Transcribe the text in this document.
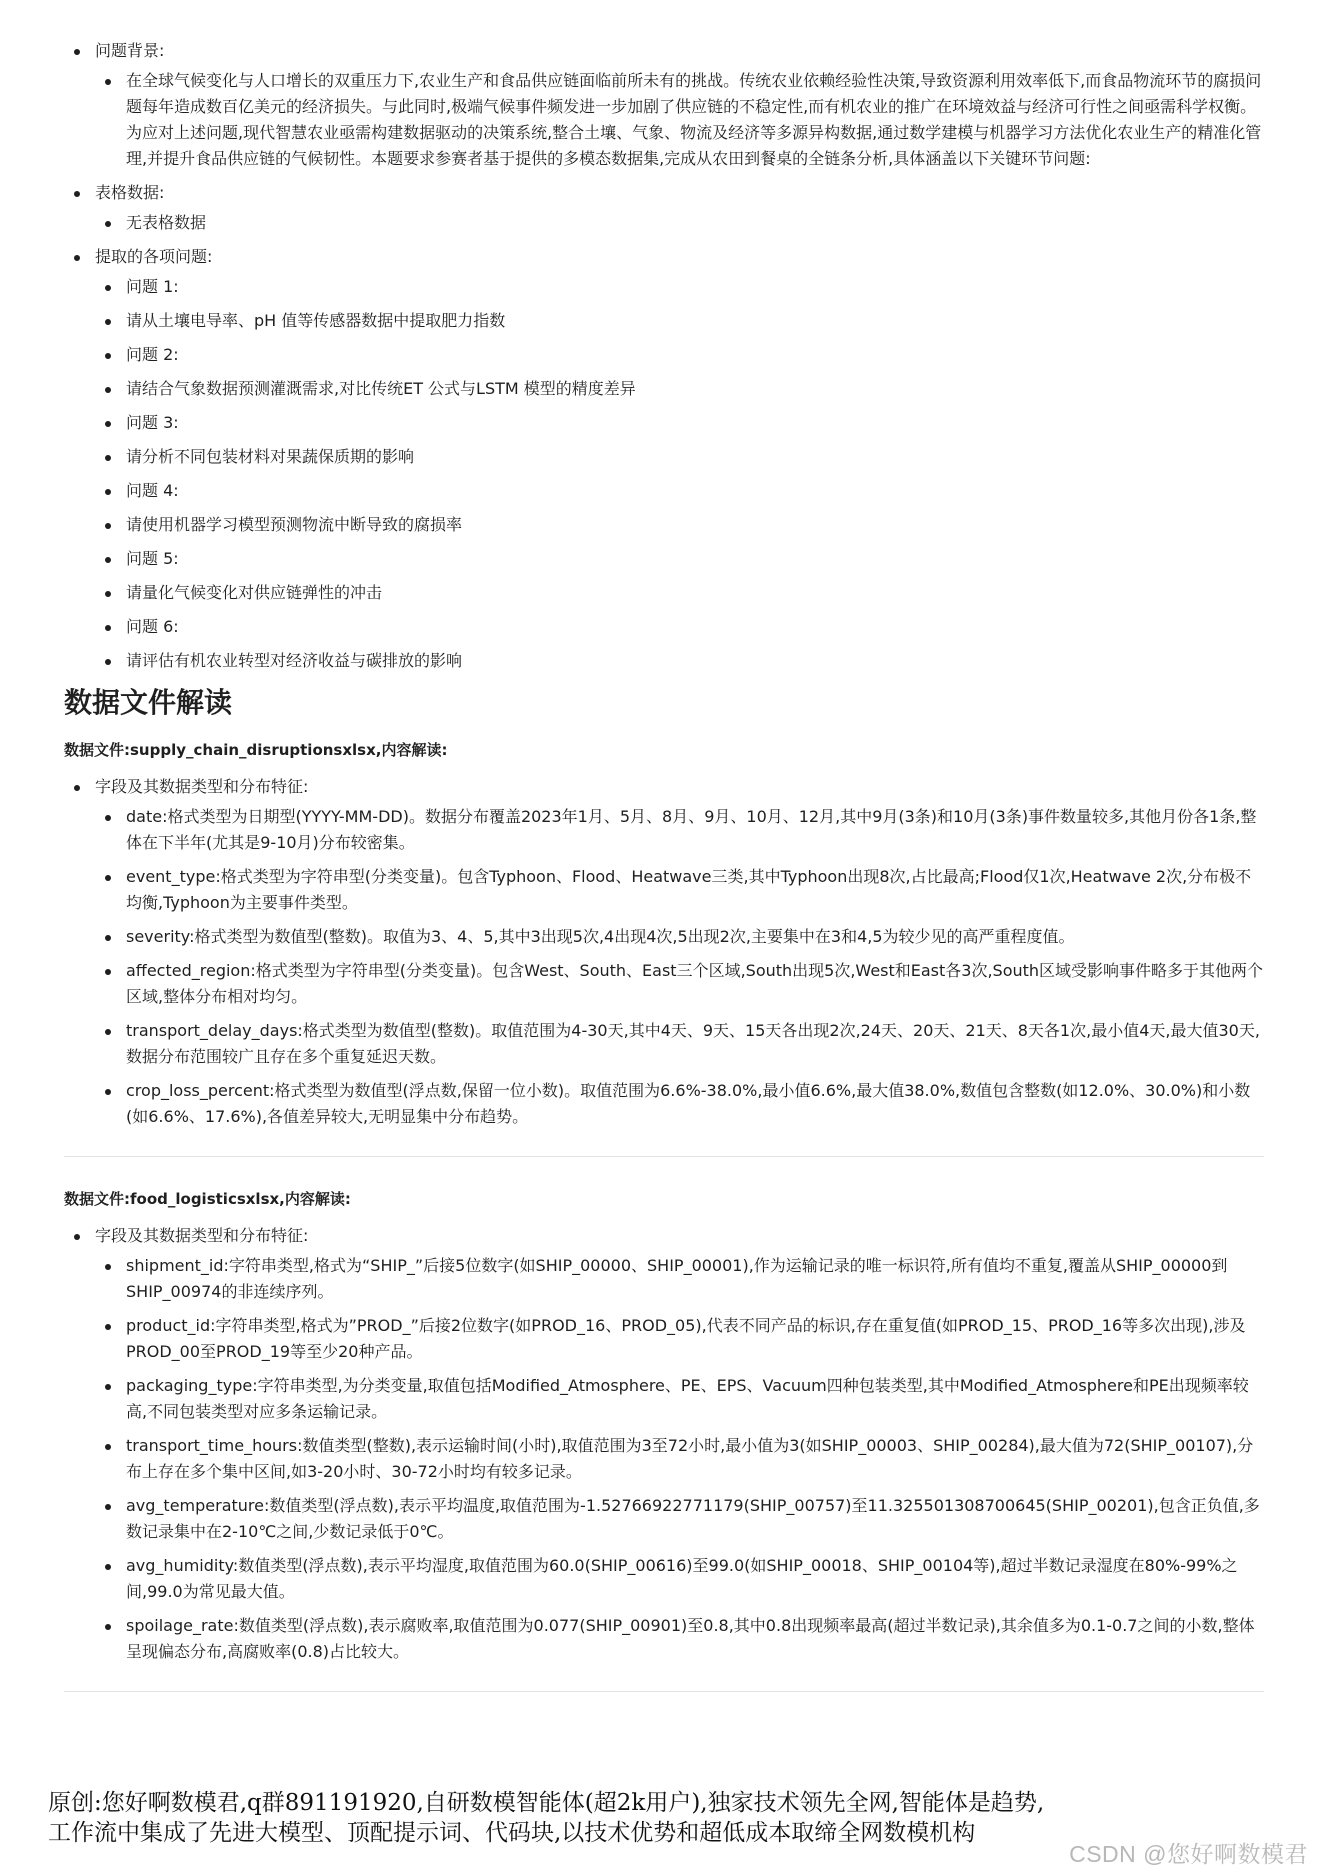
问题背景:
在全球气候变化与人口增长的双重压力下,农业生产和食品供应链面临前所未有的挑战。传统农业依赖经验性决策,导致资源利用效率低下,而食品物流环节的腐损问题每年造成数百亿美元的经济损失。与此同时,极端气候事件频发进一步加剧了供应链的不稳定性,而有机农业的推广在环境效益与经济可行性之间亟需科学权衡。为应对上述问题,现代智慧农业亟需构建数据驱动的决策系统,整合土壤、气象、物流及经济等多源异构数据,通过数学建模与机器学习方法优化农业生产的精准化管理,并提升食品供应链的气候韧性。本题要求参赛者基于提供的多模态数据集,完成从农田到餐桌的全链条分析,具体涵盖以下关键环节问题:
表格数据:
无表格数据
提取的各项问题:
问题 1:
请从土壤电导率、pH 值等传感器数据中提取肥力指数
问题 2:
请结合气象数据预测灌溉需求,对比传统ET 公式与LSTM 模型的精度差异
问题 3:
请分析不同包装材料对果蔬保质期的影响
问题 4:
请使用机器学习模型预测物流中断导致的腐损率
问题 5:
请量化气候变化对供应链弹性的冲击
问题 6:
请评估有机农业转型对经济收益与碳排放的影响
数据文件解读
数据文件:supply_chain_disruptionsxlsx,内容解读:
字段及其数据类型和分布特征:
date:格式类型为日期型(YYYY-MM-DD)。数据分布覆盖2023年1月、5月、8月、9月、10月、12月,其中9月(3条)和10月(3条)事件数量较多,其他月份各1条,整体在下半年(尤其是9-10月)分布较密集。
event_type:格式类型为字符串型(分类变量)。包含Typhoon、Flood、Heatwave三类,其中Typhoon出现8次,占比最高;Flood仅1次,Heatwave 2次,分布极不均衡,Typhoon为主要事件类型。
severity:格式类型为数值型(整数)。取值为3、4、5,其中3出现5次,4出现4次,5出现2次,主要集中在3和4,5为较少见的高严重程度值。
affected_region:格式类型为字符串型(分类变量)。包含West、South、East三个区域,South出现5次,West和East各3次,South区域受影响事件略多于其他两个区域,整体分布相对均匀。
transport_delay_days:格式类型为数值型(整数)。取值范围为4-30天,其中4天、9天、15天各出现2次,24天、20天、21天、8天各1次,最小值4天,最大值30天,数据分布范围较广且存在多个重复延迟天数。
crop_loss_percent:格式类型为数值型(浮点数,保留一位小数)。取值范围为6.6%-38.0%,最小值6.6%,最大值38.0%,数值包含整数(如12.0%、30.0%)和小数(如6.6%、17.6%),各值差异较大,无明显集中分布趋势。
数据文件:food_logisticsxlsx,内容解读:
字段及其数据类型和分布特征:
shipment_id:字符串类型,格式为“SHIP_”后接5位数字(如SHIP_00000、SHIP_00001),作为运输记录的唯一标识符,所有值均不重复,覆盖从SHIP_00000到SHIP_00974的非连续序列。
product_id:字符串类型,格式为”PROD_”后接2位数字(如PROD_16、PROD_05),代表不同产品的标识,存在重复值(如PROD_15、PROD_16等多次出现),涉及PROD_00至PROD_19等至少20种产品。
packaging_type:字符串类型,为分类变量,取值包括Modified_Atmosphere、PE、EPS、Vacuum四种包装类型,其中Modified_Atmosphere和PE出现频率较高,不同包装类型对应多条运输记录。
transport_time_hours:数值类型(整数),表示运输时间(小时),取值范围为3至72小时,最小值为3(如SHIP_00003、SHIP_00284),最大值为72(SHIP_00107),分布上存在多个集中区间,如3-20小时、30-72小时均有较多记录。
avg_temperature:数值类型(浮点数),表示平均温度,取值范围为-1.52766922771179(SHIP_00757)至11.325501308700645(SHIP_00201),包含正负值,多数记录集中在2-10℃之间,少数记录低于0℃。
avg_humidity:数值类型(浮点数),表示平均湿度,取值范围为60.0(SHIP_00616)至99.0(如SHIP_00018、SHIP_00104等),超过半数记录湿度在80%-99%之间,99.0为常见最大值。
spoilage_rate:数值类型(浮点数),表示腐败率,取值范围为0.077(SHIP_00901)至0.8,其中0.8出现频率最高(超过半数记录),其余值多为0.1-0.7之间的小数,整体呈现偏态分布,高腐败率(0.8)占比较大。
原创:您好啊数模君,q群891191920,自研数模智能体(超2k用户),独家技术领先全网,智能体是趋势,
工作流中集成了先进大模型、顶配提示词、代码块,以技术优势和超低成本取缔全网数模机构
CSDN @您好啊数模君
